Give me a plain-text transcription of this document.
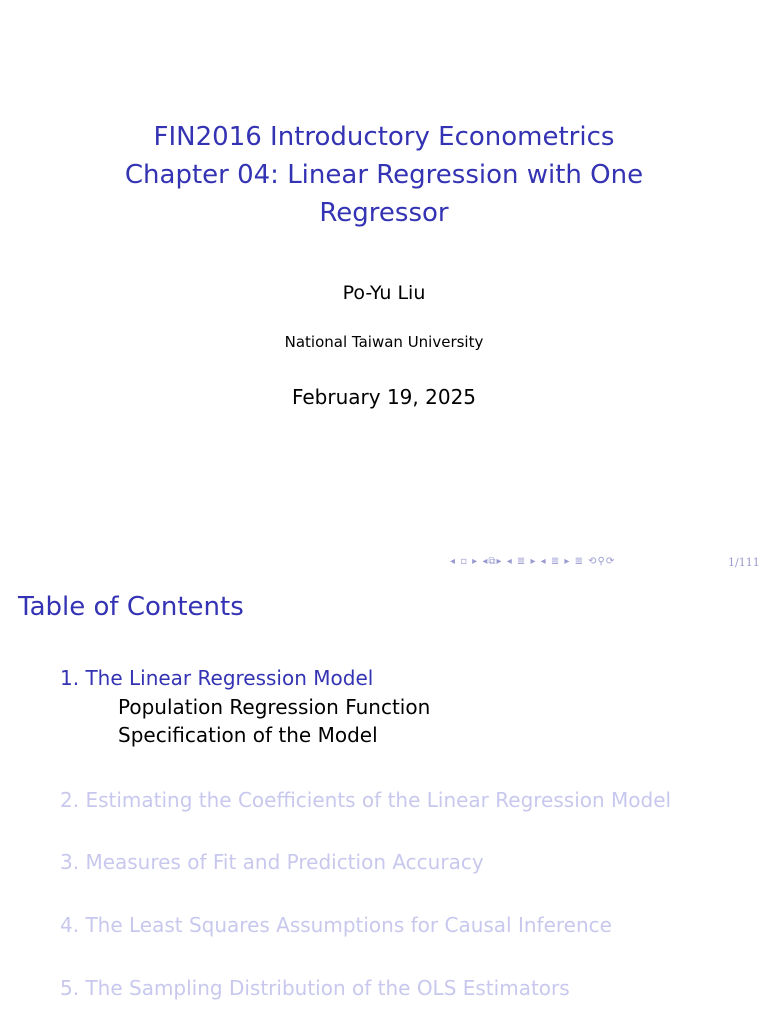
FIN2016 Introductory Econometrics
Chapter 04: Linear Regression with One
Regressor
Po-Yu Liu
National Taiwan University
February 19, 2025
◂ ▫ ▸ ◂⧉▸ ◂ ≣ ▸ ◂ ≣ ▸ ≣ ⟲⚲⟳	1/111
Table of Contents
1. The Linear Regression Model
Population Regression Function
Specification of the Model
2. Estimating the Coefficients of the Linear Regression Model
3. Measures of Fit and Prediction Accuracy
4. The Least Squares Assumptions for Causal Inference
5. The Sampling Distribution of the OLS Estimators
